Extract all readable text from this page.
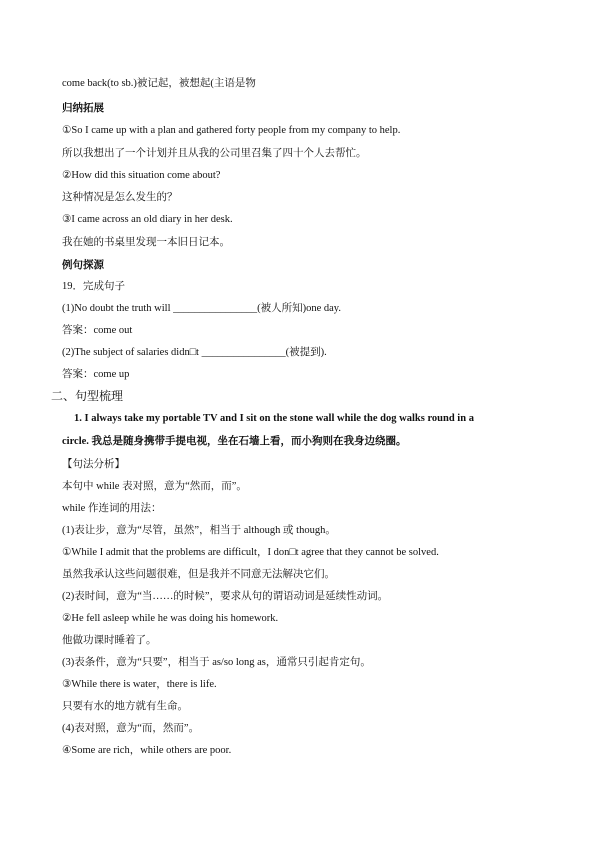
come back(to sb.)被记起，被想起(主语是物
归纳拓展
①So I came up with a plan and gathered forty people from my company to help.
所以我想出了一个计划并且从我的公司里召集了四十个人去帮忙。
②How did this situation come about?
这种情况是怎么发生的？
③I came across an old diary in her desk.
我在她的书桌里发现一本旧日记本。
例句探源
19．完成句子
(1)No doubt the truth will ________________(被人所知)one day.
答案：come out
(2)The subject of salaries didn□t ________________(被提到).
答案：come up
二、句型梳理
1. I always take my portable TV and I sit on the stone wall while the dog walks round in a
circle. 我总是随身携带手提电视，坐在石墙上看，而小狗则在我身边绕圈。
【句法分析】
本句中 while 表对照，意为“然而，而”。
while 作连词的用法：
(1)表让步，意为“尽管，虽然”，相当于 although 或 though。
①While I admit that the problems are difficult，I don□t agree that they cannot be solved.
虽然我承认这些问题很难，但是我并不同意无法解决它们。
(2)表时间，意为“当……的时候”，要求从句的谓语动词是延续性动词。
②He fell asleep while he was doing his homework.
他做功课时睡着了。
(3)表条件，意为“只要”，相当于 as/so long as，通常只引起肯定句。
③While there is water，there is life.
只要有水的地方就有生命。
(4)表对照，意为“而，然而”。
④Some are rich，while others are poor.
